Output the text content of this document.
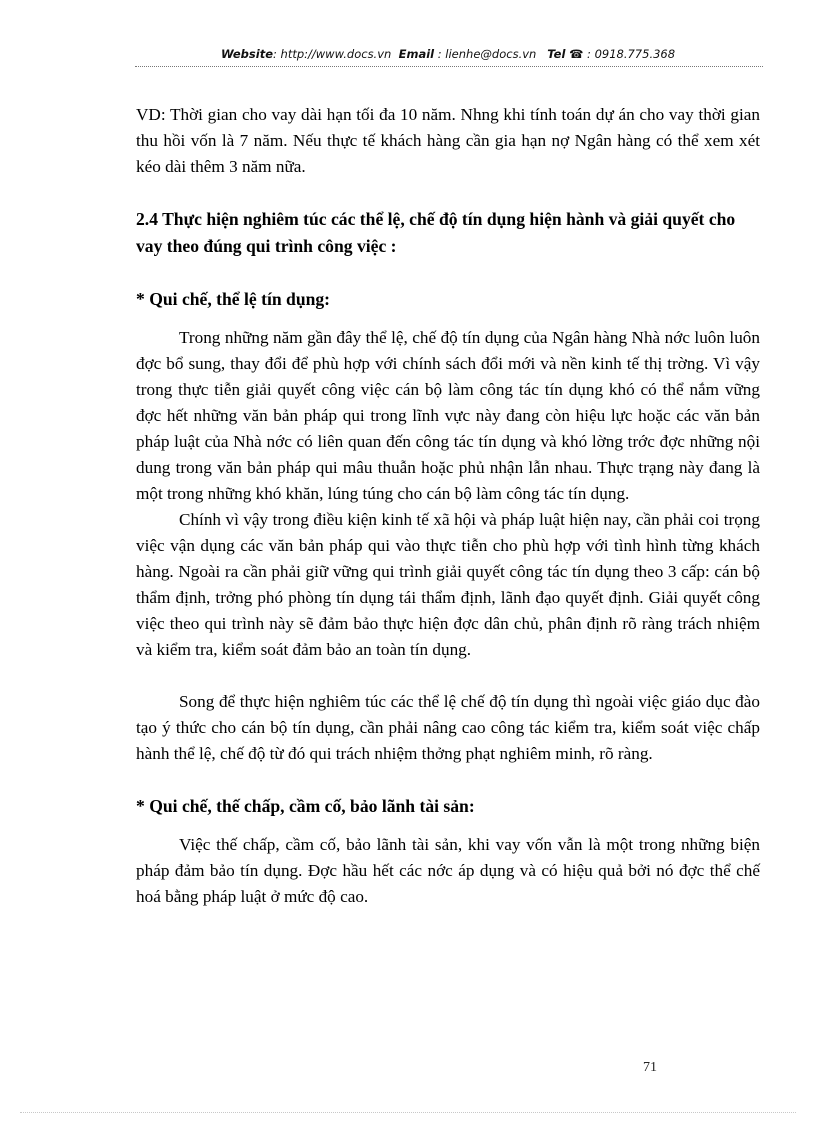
Website: http://www.docs.vn Email : lienhe@docs.vn Tel ☎ : 0918.775.368

VD: Thời gian cho vay dài hạn tối đa 10 năm. Nhng khi tính toán dự án cho vay thời gian thu hồi vốn là 7 năm. Nếu thực tế khách hàng cần gia hạn nợ Ngân hàng có thể xem xét kéo dài thêm 3 năm nữa.

2.4 Thực hiện nghiêm túc các thể lệ, chế độ tín dụng hiện hành và giải quyết cho vay theo đúng qui trình công việc :

* Qui chế, thể lệ tín dụng:

Trong những năm gần đây thể lệ, chế độ tín dụng của Ngân hàng Nhà nớc luôn luôn đợc bổ sung, thay đổi để phù hợp với chính sách đổi mới và nền kinh tế thị trờng. Vì vậy trong thực tiễn giải quyết công việc cán bộ làm công tác tín dụng khó có thể nắm vững đợc hết những văn bản pháp qui trong lĩnh vực này đang còn hiệu lực hoặc các văn bản pháp luật của Nhà nớc có liên quan đến công tác tín dụng và khó lờng trớc đợc những nội dung trong văn bản pháp qui mâu thuẫn hoặc phủ nhận lẫn nhau. Thực trạng này đang là một trong những khó khăn, lúng túng cho cán bộ làm công tác tín dụng.

Chính vì vậy trong điều kiện kinh tế xã hội và pháp luật hiện nay, cần phải coi trọng việc vận dụng các văn bản pháp qui vào thực tiễn cho phù hợp với tình hình từng khách hàng. Ngoài ra cần phải giữ vững qui trình giải quyết công tác tín dụng theo 3 cấp: cán bộ thẩm định, trởng phó phòng tín dụng tái thẩm định, lãnh đạo quyết định. Giải quyết công việc theo qui trình này sẽ đảm bảo thực hiện đợc dân chủ, phân định rõ ràng trách nhiệm và kiểm tra, kiểm soát đảm bảo an toàn tín dụng.

Song để thực hiện nghiêm túc các thể lệ chế độ tín dụng thì ngoài việc giáo dục đào tạo ý thức cho cán bộ tín dụng, cần phải nâng cao công tác kiểm tra, kiểm soát việc chấp hành thể lệ, chế độ từ đó qui trách nhiệm thởng phạt nghiêm minh, rõ ràng.

* Qui chế, thế chấp, cầm cố, bảo lãnh tài sản:

Việc thế chấp, cầm cố, bảo lãnh tài sản, khi vay vốn vẫn là một trong những biện pháp đảm bảo tín dụng. Đợc hầu hết các nớc áp dụng và có hiệu quả bởi nó đợc thể chế hoá bằng pháp luật ở mức độ cao.

71
